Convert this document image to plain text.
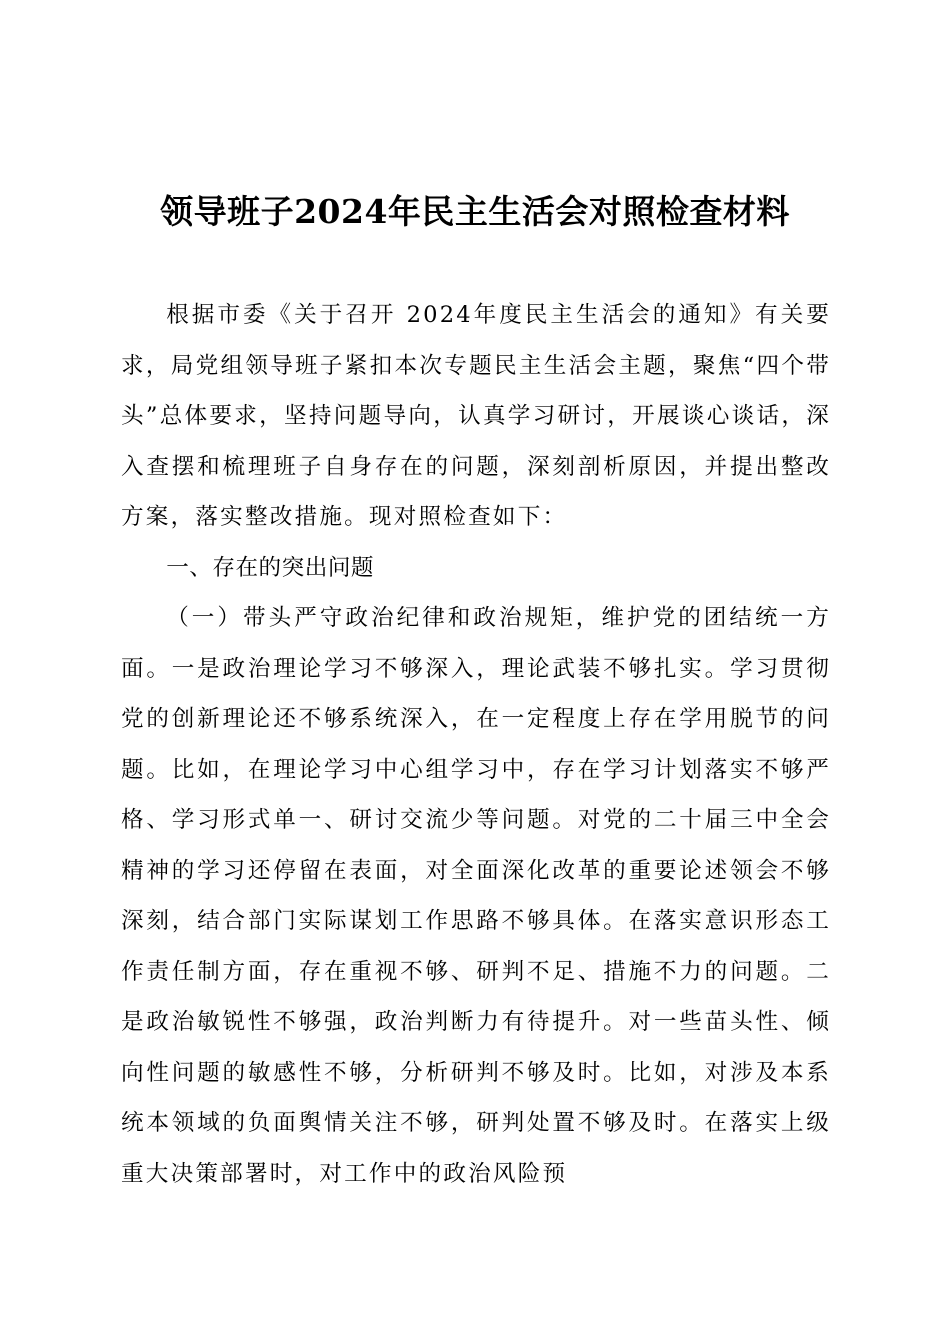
领导班子2024年民主生活会对照检查材料

根据市委《关于召开 2024年度民主生活会的通知》有关要求，局党组领导班子紧扣本次专题民主生活会主题，聚焦“四个带头”总体要求，坚持问题导向，认真学习研讨，开展谈心谈话，深入查摆和梳理班子自身存在的问题，深刻剖析原因，并提出整改方案，落实整改措施。现对照检查如下：

一、存在的突出问题

（一）带头严守政治纪律和政治规矩，维护党的团结统一方面。一是政治理论学习不够深入，理论武装不够扎实。学习贯彻党的创新理论还不够系统深入，在一定程度上存在学用脱节的问题。比如，在理论学习中心组学习中，存在学习计划落实不够严格、学习形式单一、研讨交流少等问题。对党的二十届三中全会精神的学习还停留在表面，对全面深化改革的重要论述领会不够深刻，结合部门实际谋划工作思路不够具体。在落实意识形态工作责任制方面，存在重视不够、研判不足、措施不力的问题。二是政治敏锐性不够强，政治判断力有待提升。对一些苗头性、倾向性问题的敏感性不够，分析研判不够及时。比如，对涉及本系统本领域的负面舆情关注不够，研判处置不够及时。在落实上级重大决策部署时，对工作中的政治风险预
